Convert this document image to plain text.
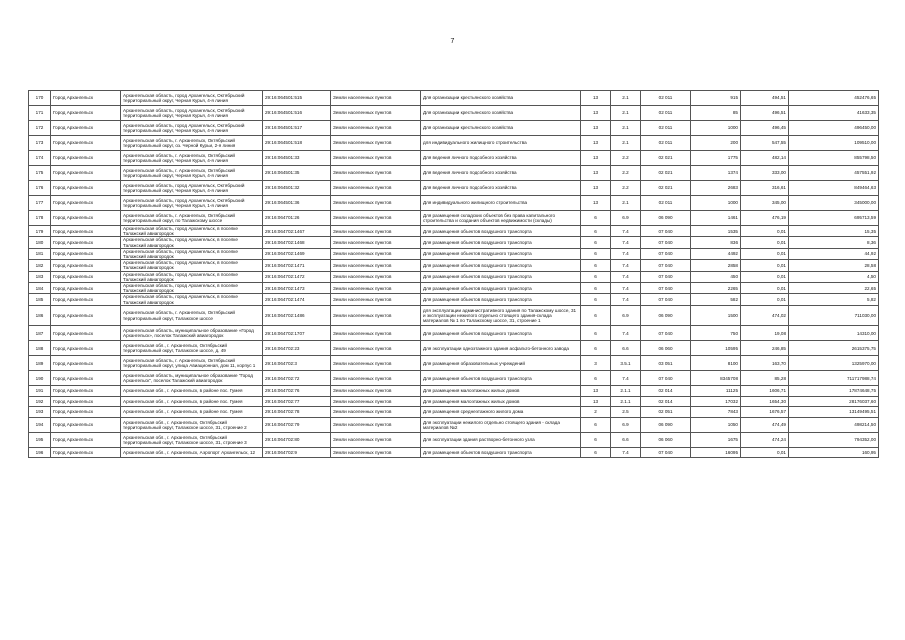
7
170	Город Архангельск	Архангельская область, город Архангельск, Октябрьский территориальный округ, Черная Курья, 4-я линия	29:16:064501:515	Земли населенных пунктов	Для организации крестьянского хозяйства	13	2.1	02 011	915	494,51	452476,65
171	Город Архангельск	Архангельская область, город Архангельск, Октябрьский территориальный округ, Черная Курья, 4-я линия	29:16:064501:516	Земли населенных пунктов	Для организации крестьянского хозяйства	13	2.1	02 011	85	496,51	41633,35
172	Город Архангельск	Архангельская область, город Архангельск, Октябрьский территориальный округ, Черная Курья, 4-я линия	29:16:064501:517	Земли населенных пунктов	Для организации крестьянского хозяйства	13	2.1	02 011	1000	496,45	496450,00
173	Город Архангельск	Архангельская область, г. Архангельск, Октябрьский территориальный округ, оз. Черной Курьи, 2-я линия	29:16:064501:518	Земли населенных пунктов	для индивидуального жилищного строительства	13	2.1	02 011	200	547,55	109510,00
174	Город Архангельск	Архангельская область, г. Архангельск, Октябрьский территориальный округ, Черная Курья, 4-я линия	29:16:064501:33	Земли населенных пунктов	Для ведения личного подсобного хозяйства	13	2.2	02 021	1775	482,14	855798,50
175	Город Архангельск	Архангельская область, г. Архангельск, Октябрьский территориальный округ, Черная Курья, 4-я линия	29:16:064501:35	Земли населенных пунктов	Для ведения личного подсобного хозяйства	13	2.2	02 021	1374	333,00	457551,92
176	Город Архангельск	Архангельская область, город Архангельск, Октябрьский территориальный округ, Черная Курья, 4-я линия	29:16:064501:32	Земли населенных пунктов	Для ведения личного подсобного хозяйства	13	2.2	02 021	2683	316,61	849464,63
177	Город Архангельск	Архангельская область, город Архангельск, Октябрьский территориальный округ, Черная Курья, 1-я линия	29:16:064501:36	Земли населенных пунктов	Для индивидуального жилищного строительства	13	2.1	02 011	1000	345,00	345000,00
178	Город Архангельск	Архангельская область, г. Архангельск, Октябрьский территориальный округ, по Талажскому шоссе	29:16:064701:26	Земли населенных пунктов	Для размещения складских объектов без права капитального строительства и создания объектов недвижимости (склады)	6	6.9	06 090	1461	476,19	695713,59
179	Город Архангельск	Архангельская область, город Архангельск, в поселке Талажский авиагородок	29:16:064702:1467	Земли населенных пунктов	Для размещения объектов воздушного транспорта	6	7.4	07 040	1535	0,01	15,35
180	Город Архангельск	Архангельская область, город Архангельск, в поселке Талажский авиагородок	29:16:064702:1468	Земли населенных пунктов	Для размещения объектов воздушного транспорта	6	7.4	07 040	836	0,01	8,36
181	Город Архангельск	Архангельская область, город Архангельск, в поселке Талажский авиагородок	29:16:064702:1469	Земли населенных пунктов	Для размещения объектов воздушного транспорта	6	7.4	07 040	4492	0,01	44,92
182	Город Архангельск	Архангельская область, город Архангельск, в поселке Талажский авиагородок	29:16:064702:1471	Земли населенных пунктов	Для размещения объектов воздушного транспорта	6	7.4	07 040	2858	0,01	28,58
183	Город Архангельск	Архангельская область, город Архангельск, в поселке Талажский авиагородок	29:16:064702:1472	Земли населенных пунктов	Для размещения объектов воздушного транспорта	6	7.4	07 040	450	0,01	4,50
184	Город Архангельск	Архангельская область, город Архангельск, в поселке Талажский авиагородок	29:16:064702:1473	Земли населенных пунктов	Для размещения объектов воздушного транспорта	6	7.4	07 040	2265	0,01	22,65
185	Город Архангельск	Архангельская область, город Архангельск, в поселке Талажский авиагородок	29:16:064702:1474	Земли населенных пунктов	Для размещения объектов воздушного транспорта	6	7.4	07 040	582	0,01	5,82
186	Город Архангельск	Архангельская область, г. Архангельск, Октябрьский территориальный округ, Талажское шоссе	29:16:064702:1486	Земли населенных пунктов	для эксплуатации административного здания по Талажскому шоссе, 31 и эксплуатации нежилого отдельно стоящего здания-склада материалов № 1 по Талажскому шоссе, 31, строение 1	6	6.9	06 090	1500	474,02	711030,00
187	Город Архангельск	Архангельская область, муниципальное образование «Город Архангельск», поселок Талажский авиагородок	29:16:064702:1707	Земли населенных пунктов	Для размещения объектов воздушного транспорта	6	7.4	07 040	750	19,08	14310,00
188	Город Архангельск	Архангельская обл., г. Архангельск, Октябрьский территориальный округ, Талажское шоссе, д. 49	29:16:064702:23	Земли населенных пунктов	Для эксплуатации одноэтажного здания асфальто-бетонного завода	6	6.6	06 060	10595	246,85	2615375,75
189	Город Архангельск	Архангельская область, г. Архангельск, Октябрьский территориальный округ, улица Авиационная, дом 11, корпус 1	29:16:064702:3	Земли населенных пунктов	Для размещения образовательных учреждений	3	3.5.1	03 051	8100	163,70	1325970,00
190	Город Архангельск	Архангельская область, муниципальное образование "Город Архангельск", поселок Талажский авиагородок	29:16:064702:72	Земли населенных пунктов	Для размещения объектов воздушного транспорта	6	7.4	07 040	8345708	85,28	711717988,74
191	Город Архангельск	Архангельская обл., г. Архангельск, в районе пос. Гумея	29:16:064702:76	Земли населенных пунктов	Для размещения малоэтажных жилых домов	13	2.1.1	02 014	11125	1606,71	17874648,75
192	Город Архангельск	Архангельская обл., г. Архангельск, в районе пос. Гумея	29:16:064702:77	Земли населенных пунктов	Для размещения малоэтажных жилых домов	13	2.1.1	02 014	17032	1654,30	28176037,60
193	Город Архангельск	Архангельская обл., г. Архангельск, в районе пос. Гумея	29:16:064702:78	Земли населенных пунктов	Для размещения среднеэтажного жилого дома	2	2.5	02 051	7843	1676,57	13149495,51
194	Город Архангельск	Архангельская обл., г. Архангельск, Октябрьский территориальный округ, Талажское шоссе, 31, строение 2	29:16:064702:79	Земли населенных пунктов	Для эксплуатации нежилого отдельно стоящего здания - склада материалов №2	6	6.9	06 090	1050	474,49	498214,50
195	Город Архангельск	Архангельская обл., г. Архангельск, Октябрьский территориальный округ, Талажское шоссе, 31, строение 3	29:16:064702:80	Земли населенных пунктов	Для эксплуатации здания растворно-бетонного узла	6	6.6	06 060	1675	474,24	794352,00
196	Город Архангельск	Архангельская обл., г. Архангельск, Аэропорт Архангельск, 12	29:16:064702:9	Земли населенных пунктов	Для размещения объектов воздушного транспорта	6	7.4	07 040	16095	0,01	160,95
